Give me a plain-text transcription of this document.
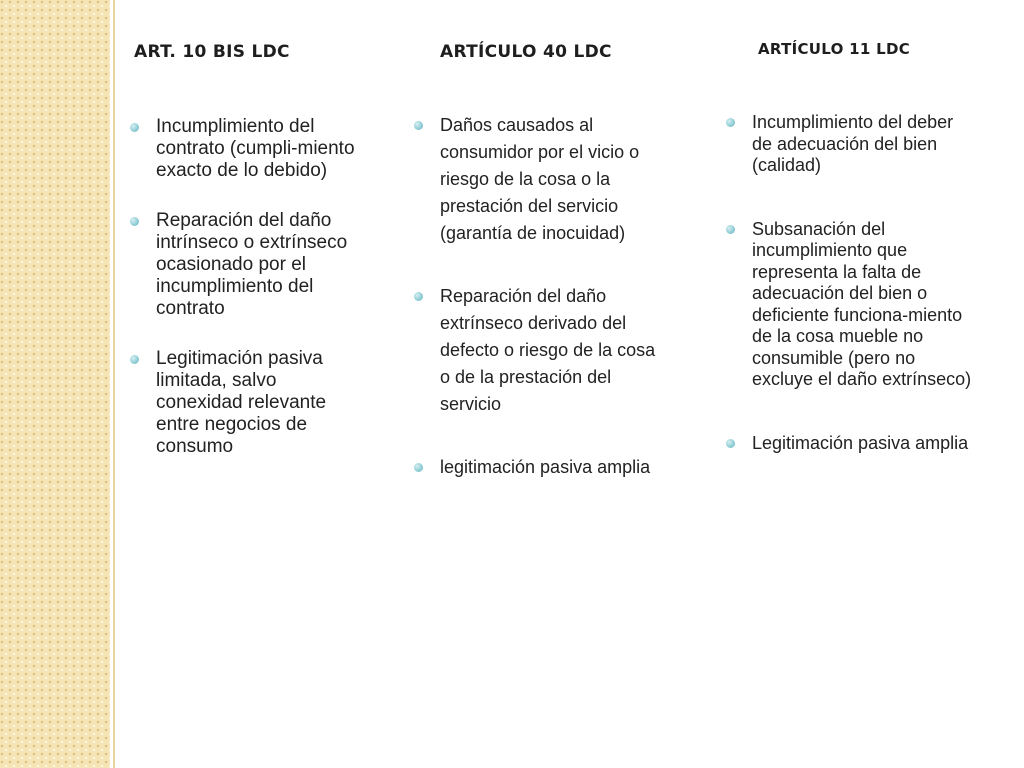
ART. 10 BIS LDC
Incumplimiento del contrato (cumpli-miento exacto de lo debido)
Reparación del daño intrínseco o extrínseco ocasionado por el incumplimiento del contrato
Legitimación pasiva limitada, salvo conexidad relevante entre negocios de consumo
ARTÍCULO 40 LDC
Daños causados al consumidor por el vicio o riesgo de la cosa o la prestación del servicio (garantía de inocuidad)
Reparación del daño extrínseco derivado del defecto o riesgo de la cosa o de la prestación del servicio
legitimación pasiva amplia
ARTÍCULO 11 LDC
Incumplimiento del deber de adecuación del bien (calidad)
Subsanación del incumplimiento que representa la falta de adecuación del bien o deficiente funciona-miento de la cosa mueble no consumible (pero no excluye el daño extrínseco)
Legitimación pasiva amplia
